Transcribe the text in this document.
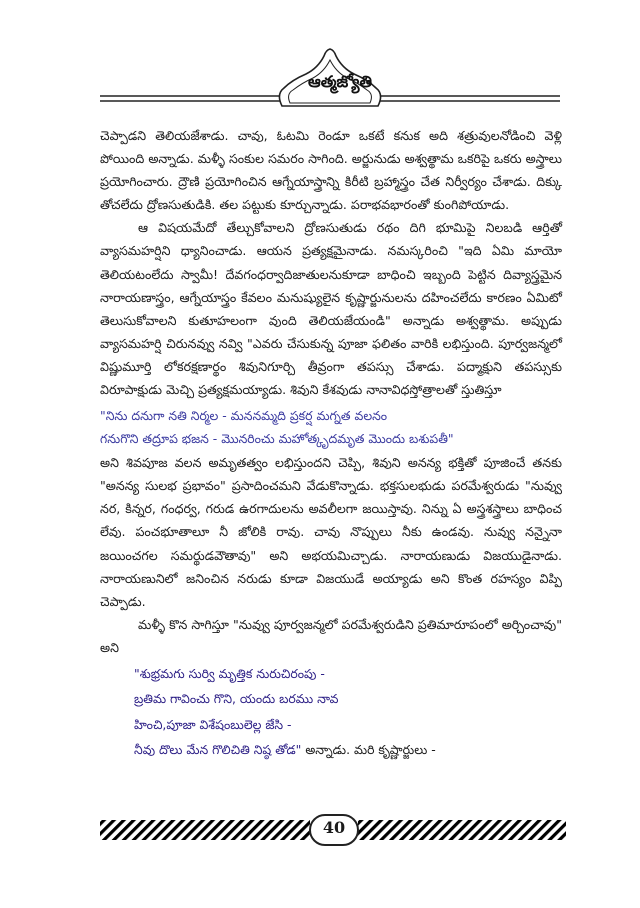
ఆత్మజ్యోతి

చెప్పాడని తెలియజేశాడు. చావు, ఓటమి రెండూ ఒకటే కనుక అది శత్రువులనోడించి వెళ్లి పోయింది అన్నాడు. మళ్ళీ సంకుల సమరం సాగింది. అర్జునుడు అశ్వత్థామ ఒకరిపై ఒకరు అస్త్రాలు ప్రయోగించారు. ద్రౌణి ప్రయోగించిన ఆగ్నేయాస్త్రాన్ని కిరీటి బ్రహ్మాస్త్రం చేత నిర్వీర్యం చేశాడు. దిక్కు తోచలేదు ద్రోణసుతుడికి. తల పట్టుకు కూర్చున్నాడు. పరాభవభారంతో కుంగిపోయాడు.

ఆ విషయమేదో తేల్చుకోవాలని ద్రోణసుతుడు రథం దిగి భూమిపై నిలబడి ఆర్తితో వ్యాసమహర్షిని ధ్యానించాడు. ఆయన ప్రత్యక్షమైనాడు. నమస్కరించి "ఇది ఏమి మాయో తెలియటంలేదు స్వామీ! దేవగంధర్వాదిజాతులనుకూడా బాధించి ఇబ్బంది పెట్టిన దివ్యాస్త్రమైన నారాయణాస్త్రం, ఆగ్నేయాస్త్రం కేవలం మనుష్యులైన కృష్ణార్జునులను దహించలేదు కారణం ఏమిటో తెలుసుకోవాలని కుతూహలంగా వుంది తెలియజేయండి" అన్నాడు అశ్వత్థామ. అప్పుడు వ్యాసమహర్షి చిరునవ్వు నవ్వి "ఎవరు చేసుకున్న పూజా ఫలితం వారికి లభిస్తుంది. పూర్వజన్మలో విష్ణుమూర్తి లోకరక్షణార్థం శివునిగూర్చి తీవ్రంగా తపస్సు చేశాడు. పద్మాక్షుని తపస్సుకు విరూపాక్షుడు మెచ్చి ప్రత్యక్షమయ్యాడు. శివుని కేశవుడు నానావిధస్తోత్రాలతో స్తుతిస్తూ

"నిను దనుగా నతి నిర్మల - మననమ్మది ప్రకర్ష మగ్నత వలనం
గనుగొని తద్రూప భజన - మొనరించు మహోత్కృదమృత మొందు బశుపతీ"

అని శివపూజ వలన అమృతత్వం లభిస్తుందని చెప్పి, శివుని అనన్య భక్తితో పూజించే తనకు "అనన్య సులభ ప్రభావం" ప్రసాదించమని వేడుకొన్నాడు. భక్తసులభుడు పరమేశ్వరుడు "నువ్వు నర, కిన్నర, గంధర్వ, గరుడ ఉరగాదులను అవలీలగా జయిస్తావు. నిన్ను ఏ అస్త్రశస్త్రాలు బాధించ లేవు. పంచభూతాలూ నీ జోలికి రావు. చావు నొప్పులు నీకు ఉండవు. నువ్వు నన్నైనా జయించగల సమర్థుడవౌతావు" అని అభయమిచ్చాడు. నారాయణుడు విజయుడైనాడు. నారాయణునిలో జనించిన నరుడు కూడా విజయుడే అయ్యాడు అని కొంత రహస్యం విప్పి చెప్పాడు.

మళ్ళీ కొన సాగిస్తూ "నువ్వు పూర్వజన్మలో పరమేశ్వరుడిని ప్రతిమారూపంలో అర్చించావు" అని

"శుభ్రమగు సుర్వి మృత్తిక నురుచిరంపు -
బ్రతిమ గావించు గొని, యందు బరము నావ
హించి,పూజా విశేషంబులెల్ల జేసి -
నీవు దొలు మేన గొలిచితి నిష్ఠ తోడ" అన్నాడు. మరి కృష్ణార్జులు -
40
